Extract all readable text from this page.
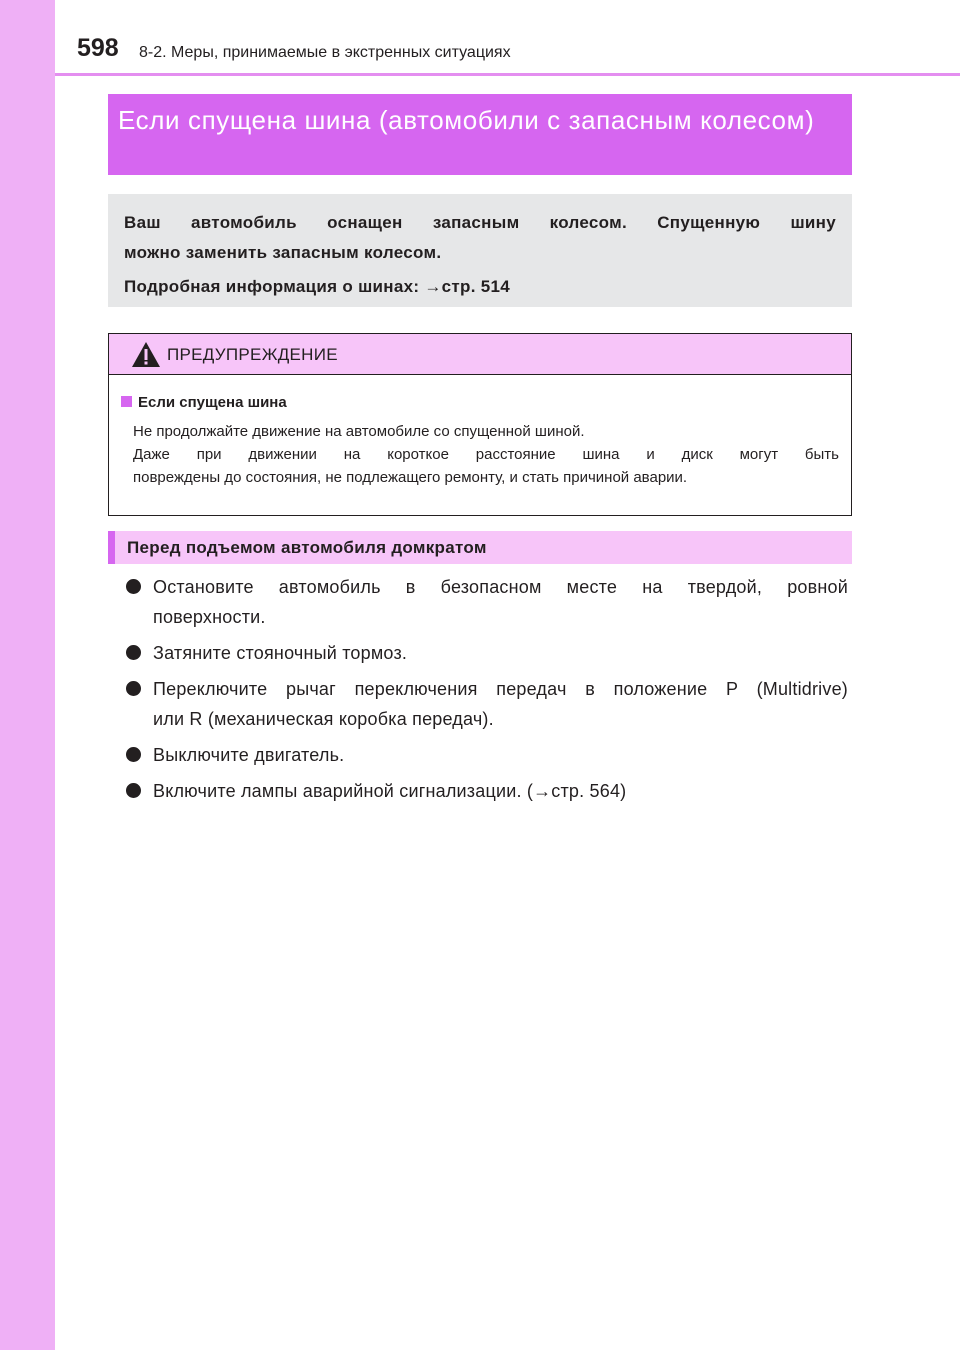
598 8-2. Меры, принимаемые в экстренных ситуациях
Если спущена шина (автомобили с запасным колесом)
Ваш автомобиль оснащен запасным колесом. Спущенную шину
можно заменить запасным колесом.
Подробная информация о шинах: →стр. 514
ПРЕДУПРЕЖДЕНИЕ
Если спущена шина
Не продолжайте движение на автомобиле со спущенной шиной.
Даже при движении на короткое расстояние шина и диск могут быть
повреждены до состояния, не подлежащего ремонту, и стать причиной аварии.
Перед подъемом автомобиля домкратом
Остановите автомобиль в безопасном месте на твердой, ровной
поверхности.
Затяните стояночный тормоз.
Переключите рычаг переключения передач в положение P (Multidrive)
или R (механическая коробка передач).
Выключите двигатель.
Включите лампы аварийной сигнализации. (→стр. 564)
